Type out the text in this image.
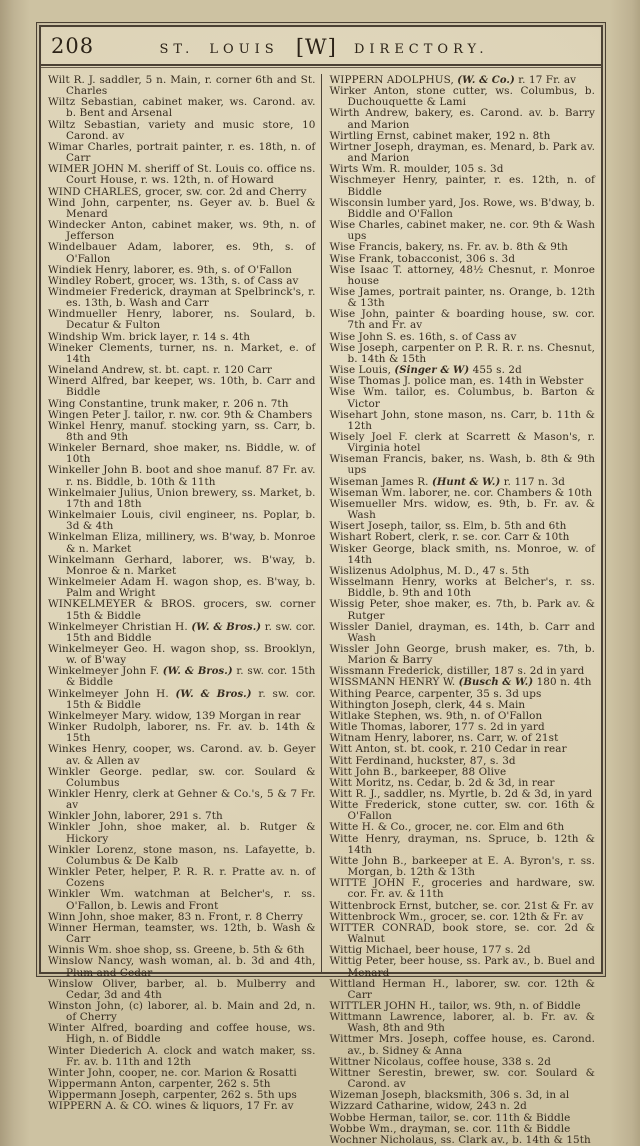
208	ST. LOUIS [W] DIRECTORY.
Wilt R. J. saddler, 5 n. Main, r. corner 6th and St. Charles
Wiltz Sebastian, cabinet maker, ws. Carond. av. b. Bent and Arsenal
Wiltz Sebastian, variety and music store, 10 Carond. av
Wimar Charles, portrait painter, r. es. 18th, n. of Carr
WIMER JOHN M. sheriff of St. Louis co. office ns. Court House, r. ws. 12th, n. of Howard
WIND CHARLES, grocer, sw. cor. 2d and Cherry
Wind John, carpenter, ns. Geyer av. b. Buel & Menard
Windecker Anton, cabinet maker, ws. 9th, n. of Jefferson
Windelbauer Adam, laborer, es. 9th, s. of O'Fallon
Windiek Henry, laborer, es. 9th, s. of O'Fallon
Windley Robert, grocer, ws. 13th, s. of Cass av
Windmeier Frederick, drayman at Spelbrinck's, r. es. 13th, b. Wash and Carr
Windmueller Henry, laborer, ns. Soulard, b. Decatur & Fulton
Windship Wm. brick layer, r. 14 s. 4th
Wineker Clements, turner, ns. n. Market, e. of 14th
Wineland Andrew, st. bt. capt. r. 120 Carr
Winerd Alfred, bar keeper, ws. 10th, b. Carr and Biddle
Wing Constantine, trunk maker, r. 206 n. 7th
Wingen Peter J. tailor, r. nw. cor. 9th & Chambers
Winkel Henry, manuf. stocking yarn, ss. Carr, b. 8th and 9th
Winkeler Bernard, shoe maker, ns. Biddle, w. of 10th
Winkeller John B. boot and shoe manuf. 87 Fr. av. r. ns. Biddle, b. 10th & 11th
Winkelmaier Julius, Union brewery, ss. Market, b. 17th and 18th
Winkelmaier Louis, civil engineer, ns. Poplar, b. 3d & 4th
Winkelman Eliza, millinery, ws. B'way, b. Monroe & n. Market
Winkelmann Gerhard, laborer, ws. B'way, b. Monroe & n. Market
Winkelmeier Adam H. wagon shop, es. B'way, b. Palm and Wright
WINKELMEYER & BROS. grocers, sw. corner 15th & Biddle
Winkelmeyer Christian H. (W. & Bros.) r. sw. cor. 15th and Biddle
Winkelmeyer Geo. H. wagon shop, ss. Brooklyn, w. of B'way
Winkelmeyer John F. (W. & Bros.) r. sw. cor. 15th & Biddle
Winkelmeyer John H. (W. & Bros.) r. sw. cor. 15th & Biddle
Winkelmeyer Mary. widow, 139 Morgan in rear
Winker Rudolph, laborer, ns. Fr. av. b. 14th & 15th
Winkes Henry, cooper, ws. Carond. av. b. Geyer av. & Allen av
Winkler George. pedlar, sw. cor. Soulard & Columbus
Winkler Henry, clerk at Gehner & Co.'s, 5 & 7 Fr. av
Winkler John, laborer, 291 s. 7th
Winkler John, shoe maker, al. b. Rutger & Hickory
Winkler Lorenz, stone mason, ns. Lafayette, b. Columbus & De Kalb
Winkler Peter, helper, P. R. R. r. Pratte av. n. of Cozens
Winkler Wm. watchman at Belcher's, r. ss. O'Fallon, b. Lewis and Front
Winn John, shoe maker, 83 n. Front, r. 8 Cherry
Winner Herman, teamster, ws. 12th, b. Wash & Carr
Winnis Wm. shoe shop, ss. Greene, b. 5th & 6th
Winslow Nancy, wash woman, al. b. 3d and 4th, Plum and Cedar
Winslow Oliver, barber, al. b. Mulberry and Cedar, 3d and 4th
Winston John, (c) laborer, al. b. Main and 2d, n. of Cherry
Winter Alfred, boarding and coffee house, ws. High, n. of Biddle
Winter Diederich A. clock and watch maker, ss. Fr. av. b. 11th and 12th
Winter John, cooper, ne. cor. Marion & Rosatti
Wippermann Anton, carpenter, 262 s. 5th
Wippermann Joseph, carpenter, 262 s. 5th ups
WIPPERN A. & CO. wines & liquors, 17 Fr. av
WIPPERN ADOLPHUS, (W. & Co.) r. 17 Fr. av
Wirker Anton, stone cutter, ws. Columbus, b. Duchouquette & Lami
Wirth Andrew, bakery, es. Carond. av. b. Barry and Marion
Wirtling Ernst, cabinet maker, 192 n. 8th
Wirtner Joseph, drayman, es. Menard, b. Park av. and Marion
Wirts Wm. R. moulder, 105 s. 3d
Wischmeyer Henry, painter, r. es. 12th, n. of Biddle
Wisconsin lumber yard, Jos. Rowe, ws. B'dway, b. Biddle and O'Fallon
Wise Charles, cabinet maker, ne. cor. 9th & Wash ups
Wise Francis, bakery, ns. Fr. av. b. 8th & 9th
Wise Frank, tobacconist, 306 s. 3d
Wise Isaac T. attorney, 48½ Chesnut, r. Monroe house
Wise James, portrait painter, ns. Orange, b. 12th & 13th
Wise John, painter & boarding house, sw. cor. 7th and Fr. av
Wise John S. es. 16th, s. of Cass av
Wise Joseph, carpenter on P. R. R. r. ns. Chesnut, b. 14th & 15th
Wise Louis, (Singer & W) 455 s. 2d
Wise Thomas J. police man, es. 14th in Webster
Wise Wm. tailor, es. Columbus, b. Barton & Victor
Wisehart John, stone mason, ns. Carr, b. 11th & 12th
Wisely Joel F. clerk at Scarrett & Mason's, r. Virginia hotel
Wiseman Francis, baker, ns. Wash, b. 8th & 9th ups
Wiseman James R. (Hunt & W.) r. 117 n. 3d
Wiseman Wm. laborer, ne. cor. Chambers & 10th
Wisemueller Mrs. widow, es. 9th, b. Fr. av. & Wash
Wisert Joseph, tailor, ss. Elm, b. 5th and 6th
Wishart Robert, clerk, r. se. cor. Carr & 10th
Wisker George, black smith, ns. Monroe, w. of 14th
Wislizenus Adolphus, M. D., 47 s. 5th
Wisselmann Henry, works at Belcher's, r. ss. Biddle, b. 9th and 10th
Wissig Peter, shoe maker, es. 7th, b. Park av. & Rutger
Wissler Daniel, drayman, es. 14th, b. Carr and Wash
Wissler John George, brush maker, es. 7th, b. Marion & Barry
Wissmann Frederick, distiller, 187 s. 2d in yard
WISSMANN HENRY W. (Busch & W.) 180 n. 4th
Withing Pearce, carpenter, 35 s. 3d ups
Withington Joseph, clerk, 44 s. Main
Witlake Stephen, ws. 9th, n. of O'Fallon
Witle Thomas, laborer, 177 s. 2d in yard
Witnam Henry, laborer, ns. Carr, w. of 21st
Witt Anton, st. bt. cook, r. 210 Cedar in rear
Witt Ferdinand, huckster, 87, s. 3d
Witt John B., barkeeper, 88 Olive
Witt Moritz, ns. Cedar, b. 2d & 3d, in rear
Witt R. J., saddler, ns. Myrtle, b. 2d & 3d, in yard
Witte Frederick, stone cutter, sw. cor. 16th & O'Fallon
Witte H. & Co., grocer, ne. cor. Elm and 6th
Witte Henry, drayman, ns. Spruce, b. 12th & 14th
Witte John B., barkeeper at E. A. Byron's, r. ss. Morgan, b. 12th & 13th
WITTE JOHN F., groceries and hardware, sw. cor. Fr. av. & 11th
Wittenbrock Ernst, butcher, se. cor. 21st & Fr. av
Wittenbrock Wm., grocer, se. cor. 12th & Fr. av
WITTER CONRAD, book store, se. cor. 2d & Walnut
Wittig Michael, beer house, 177 s. 2d
Wittig Peter, beer house, ss. Park av., b. Buel and Menard
Wittland Herman H., laborer, sw. cor. 12th & Carr
WITTLER JOHN H., tailor, ws. 9th, n. of Biddle
Wittmann Lawrence, laborer, al. b. Fr. av. & Wash, 8th and 9th
Wittmer Mrs. Joseph, coffee house, es. Carond. av., b. Sidney & Anna
Wittner Nicolaus, coffee house, 338 s. 2d
Wittner Serestin, brewer, sw. cor. Soulard & Carond. av
Wizeman Joseph, blacksmith, 306 s. 3d, in al
Wizzard Catharine, widow, 243 n. 2d
Wobbe Herman, tailor, se. cor. 11th & Biddle
Wobbe Wm., drayman, se. cor. 11th & Biddle
Wochner Nicholaus, ss. Clark av., b. 14th & 15th
